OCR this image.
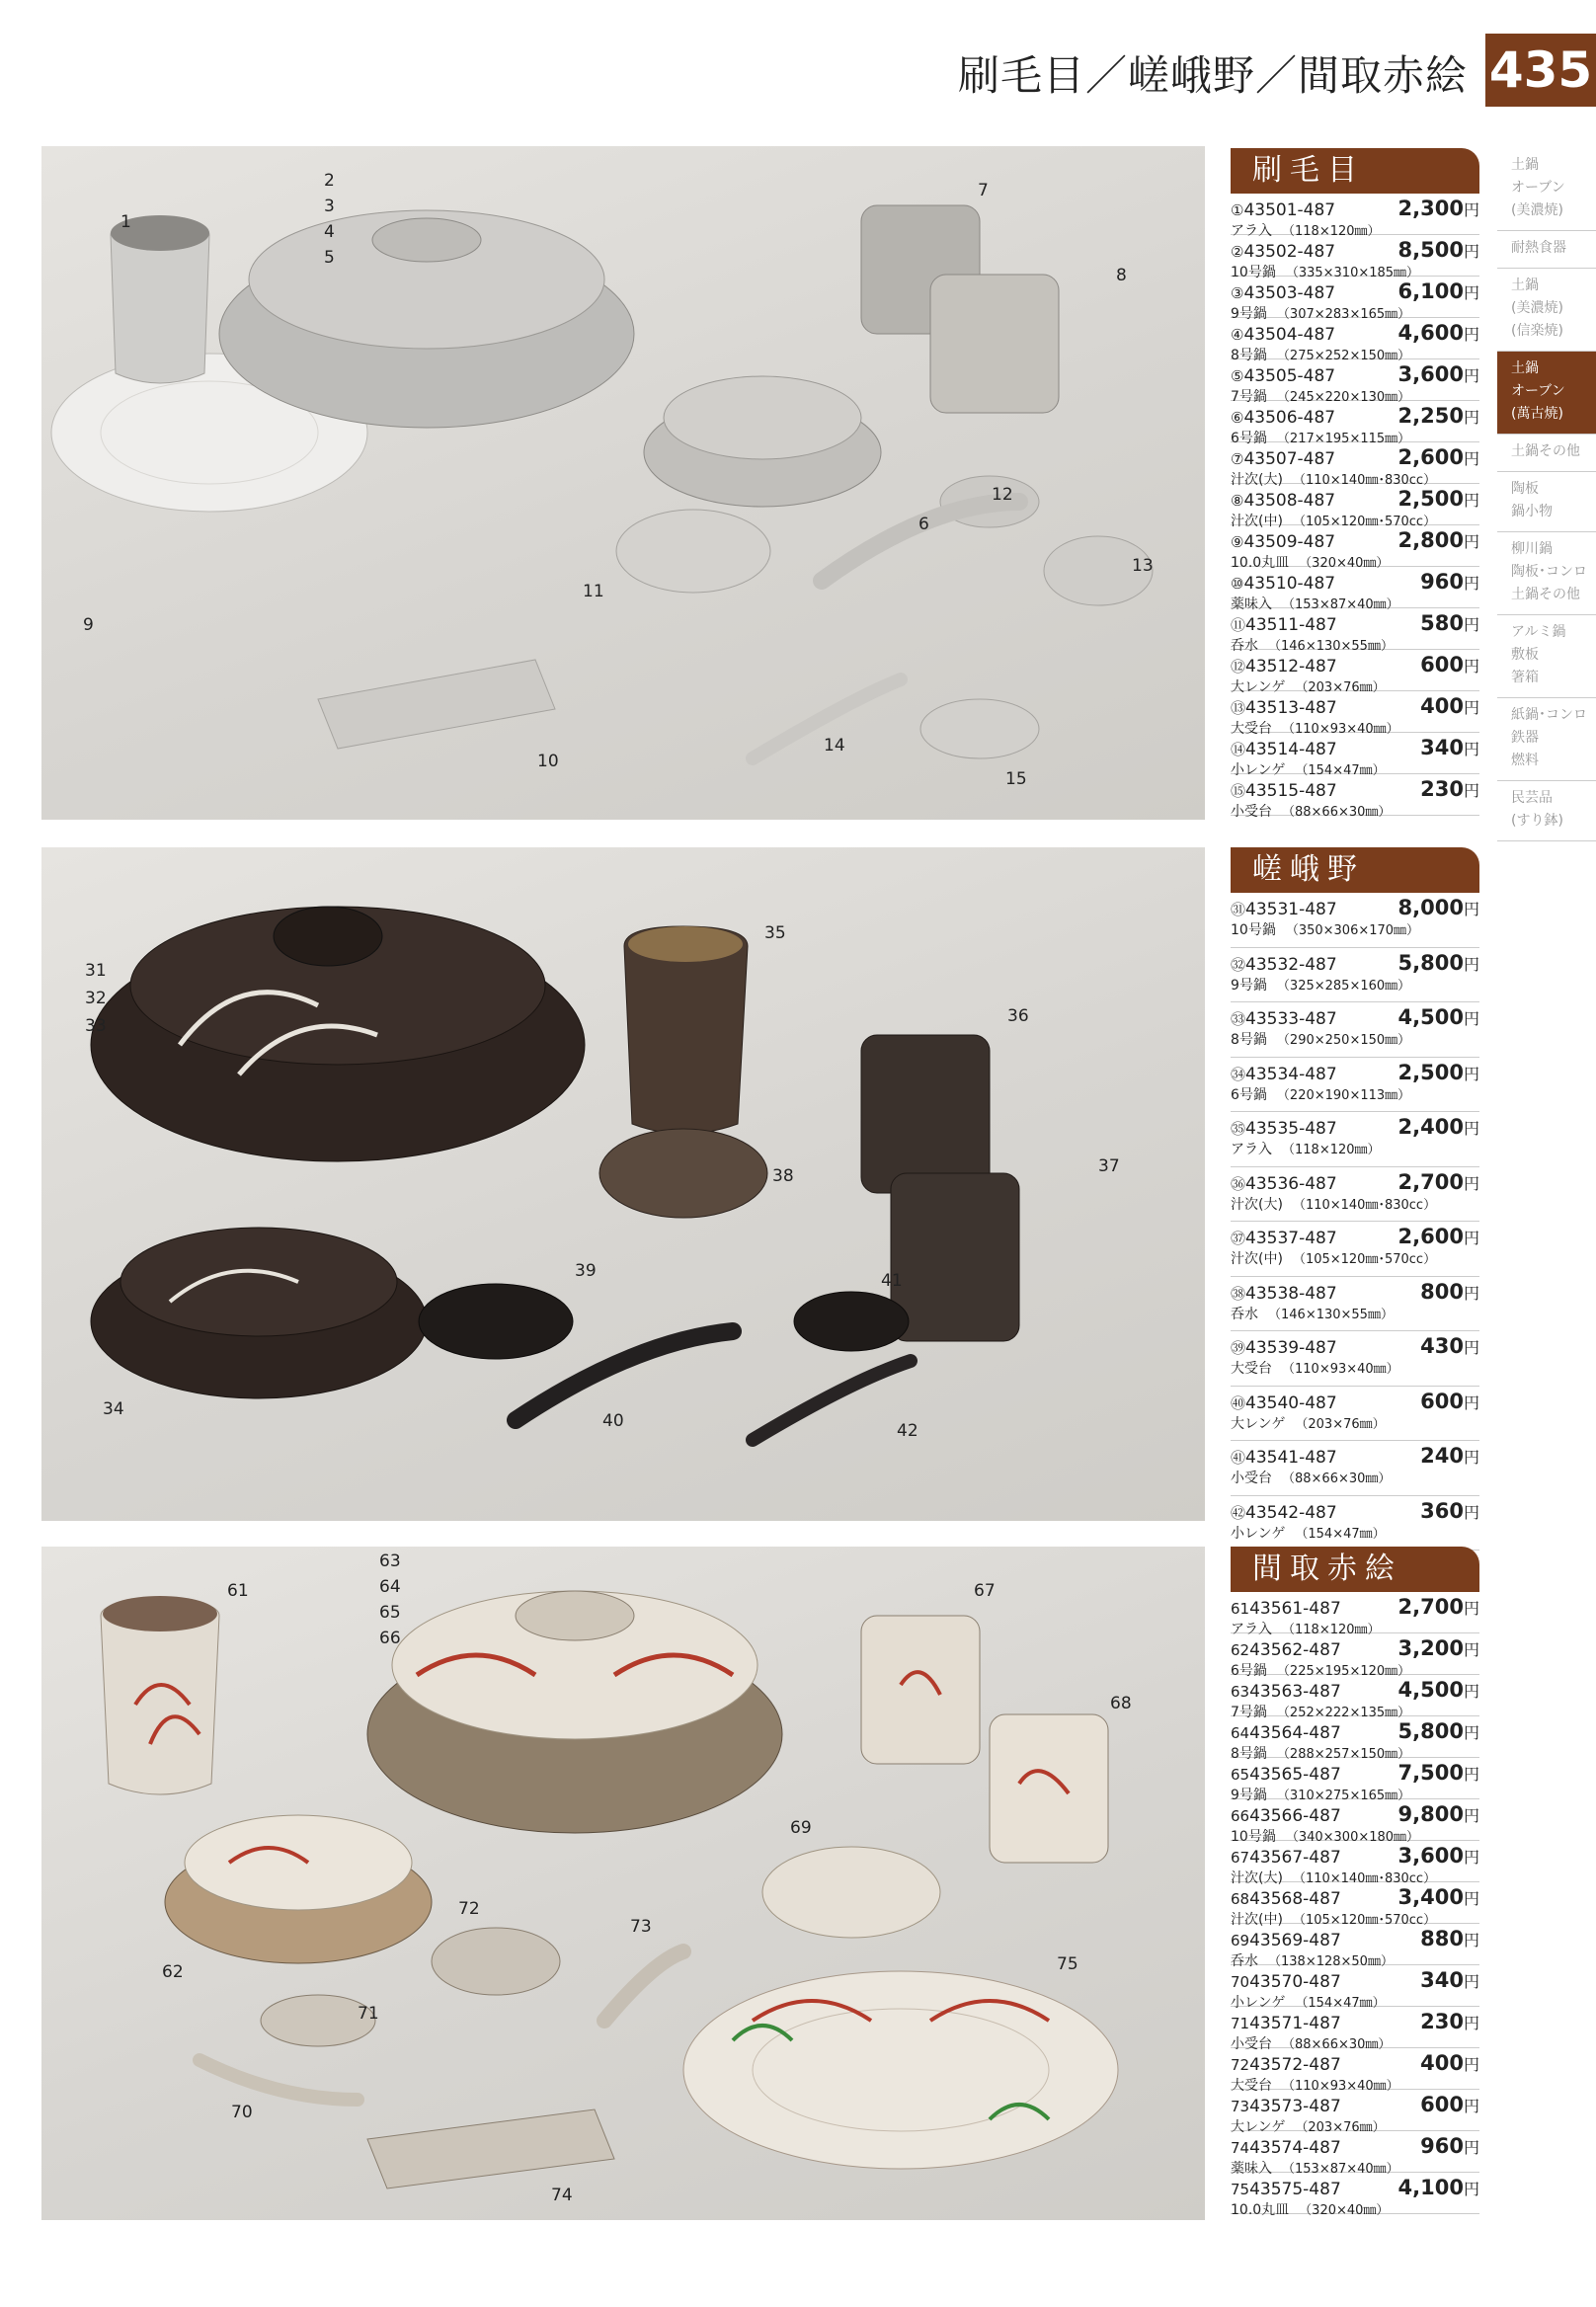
刷毛目／嵯峨野／間取赤絵 435
1
2
3
4
5
6
7
8
9
10
11
12
13
14
15
31
32
33
34
35
36
37
38
39
40
41
42
61
62
63
64
65
66
67
68
69
70
71
72
73
74
75
刷毛目
①43501-487	2,300円
アラ入 （118×120㎜）
②43502-487	8,500円
10号鍋 （335×310×185㎜）
③43503-487	6,100円
9号鍋 （307×283×165㎜）
④43504-487	4,600円
8号鍋 （275×252×150㎜）
⑤43505-487	3,600円
7号鍋 （245×220×130㎜）
⑥43506-487	2,250円
6号鍋 （217×195×115㎜）
⑦43507-487	2,600円
汁次(大) （110×140㎜･830cc）
⑧43508-487	2,500円
汁次(中) （105×120㎜･570cc）
⑨43509-487	2,800円
10.0丸皿 （320×40㎜）
⑩43510-487	960円
薬味入 （153×87×40㎜）
⑪43511-487	580円
呑水 （146×130×55㎜）
⑫43512-487	600円
大レンゲ （203×76㎜）
⑬43513-487	400円
大受台 （110×93×40㎜）
⑭43514-487	340円
小レンゲ （154×47㎜）
⑮43515-487	230円
小受台 （88×66×30㎜）
嵯峨野
㉛43531-487	8,000円
10号鍋 （350×306×170㎜）
㉜43532-487	5,800円
9号鍋 （325×285×160㎜）
㉝43533-487	4,500円
8号鍋 （290×250×150㎜）
㉞43534-487	2,500円
6号鍋 （220×190×113㎜）
㉟43535-487	2,400円
アラ入 （118×120㎜）
㊱43536-487	2,700円
汁次(大) （110×140㎜･830cc）
㊲43537-487	2,600円
汁次(中) （105×120㎜･570cc）
㊳43538-487	800円
呑水 （146×130×55㎜）
㊴43539-487	430円
大受台 （110×93×40㎜）
㊵43540-487	600円
大レンゲ （203×76㎜）
㊶43541-487	240円
小受台 （88×66×30㎜）
㊷43542-487	360円
小レンゲ （154×47㎜）
間取赤絵
6143561-487	2,700円
アラ入 （118×120㎜）
6243562-487	3,200円
6号鍋 （225×195×120㎜）
6343563-487	4,500円
7号鍋 （252×222×135㎜）
6443564-487	5,800円
8号鍋 （288×257×150㎜）
6543565-487	7,500円
9号鍋 （310×275×165㎜）
6643566-487	9,800円
10号鍋 （340×300×180㎜）
6743567-487	3,600円
汁次(大) （110×140㎜･830cc）
6843568-487	3,400円
汁次(中) （105×120㎜･570cc）
6943569-487	880円
呑水 （138×128×50㎜）
7043570-487	340円
小レンゲ （154×47㎜）
7143571-487	230円
小受台 （88×66×30㎜）
7243572-487	400円
大受台 （110×93×40㎜）
7343573-487	600円
大レンゲ （203×76㎜）
7443574-487	960円
薬味入 （153×87×40㎜）
7543575-487	4,100円
10.0丸皿 （320×40㎜）
土鍋
オーブン
(美濃焼)
耐熱食器
土鍋
(美濃焼)
(信楽焼)
土鍋
オーブン
(萬古焼)
土鍋その他
陶板
鍋小物
柳川鍋
陶板･コンロ
土鍋その他
アルミ鍋
敷板
箸箱
紙鍋･コンロ
鉄器
燃料
民芸品
(すり鉢)
